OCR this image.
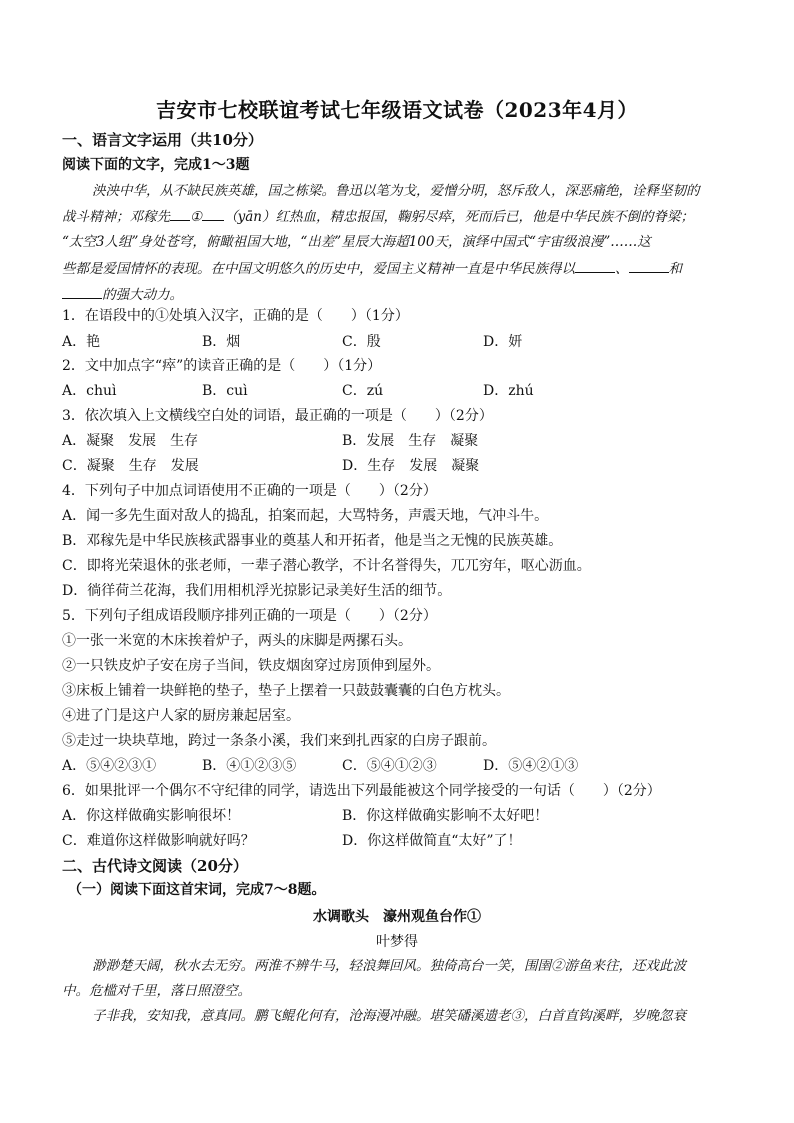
吉安市七校联谊考试七年级语文试卷（2023年4月）
一、语言文字运用（共10分）
阅读下面的文字，完成1～3题
泱泱中华，从不缺民族英雄，国之栋梁。鲁迅以笔为戈，爱憎分明，怒斥敌人，深恶痛绝，诠释坚韧的
战斗精神；邓稼先 ① （yān）红热血，精忠报国，鞠躬尽瘁，死而后已，他是中华民族不倒的脊梁；
“太空3人组”身处苍穹，俯瞰祖国大地，“出差”星辰大海超100天，演绎中国式“宇宙级浪漫”……这
些都是爱国情怀的表现。在中国文明悠久的历史中，爱国主义精神一直是中华民族得以	、	和
的强大动力。
1．在语段中的①处填入汉字，正确的是（　　）（1分）
A．艳	B．烟	C．殷	D．妍
2．文中加点字“瘁”的读音正确的是（　　）（1分）
A．chuì	B．cuì	C．zú	D．zhú
3．依次填入上文横线空白处的词语，最正确的一项是（　　）（2分）
A．凝聚　发展　生存	B．发展　生存　凝聚
C．凝聚　生存　发展	D．生存　发展　凝聚
4．下列句子中加点词语使用不正确的一项是（　　）（2分）
A．闻一多先生面对敌人的捣乱，拍案而起，大骂特务，声震天地，气冲斗牛。
B．邓稼先是中华民族核武器事业的奠基人和开拓者，他是当之无愧的民族英雄。
C．即将光荣退休的张老师，一辈子潜心教学，不计名誉得失，兀兀穷年，呕心沥血。
D．徜徉荷兰花海，我们用相机浮光掠影记录美好生活的细节。
5．下列句子组成语段顺序排列正确的一项是（　　）（2分）
①一张一米宽的木床挨着炉子，两头的床脚是两摞石头。
②一只铁皮炉子安在房子当间，铁皮烟囱穿过房顶伸到屋外。
③床板上铺着一块鲜艳的垫子，垫子上摆着一只鼓鼓囊囊的白色方枕头。
④进了门是这户人家的厨房兼起居室。
⑤走过一块块草地，跨过一条条小溪，我们来到扎西家的白房子跟前。
A．⑤④②③①	B．④①②③⑤	C．⑤④①②③	D．⑤④②①③
6．如果批评一个偶尔不守纪律的同学，请选出下列最能被这个同学接受的一句话（　　）（2分）
A．你这样做确实影响很坏！	B．你这样做确实影响不太好吧！
C．难道你这样做影响就好吗？	D．你这样做简直“太好”了！
二、古代诗文阅读（20分）
（一）阅读下面这首宋词，完成7～8题。
水调歌头　濠州观鱼台作①
叶梦得
渺渺楚天阔，秋水去无穷。两淮不辨牛马，轻浪舞回风。独倚高台一笑，围圉②游鱼来往，还戏此波
中。危槛对千里，落日照澄空。
子非我，安知我，意真同。鹏飞鲲化何有，沧海漫冲融。堪笑磻溪遗老③，白首直钩溪畔，岁晚忽衰
